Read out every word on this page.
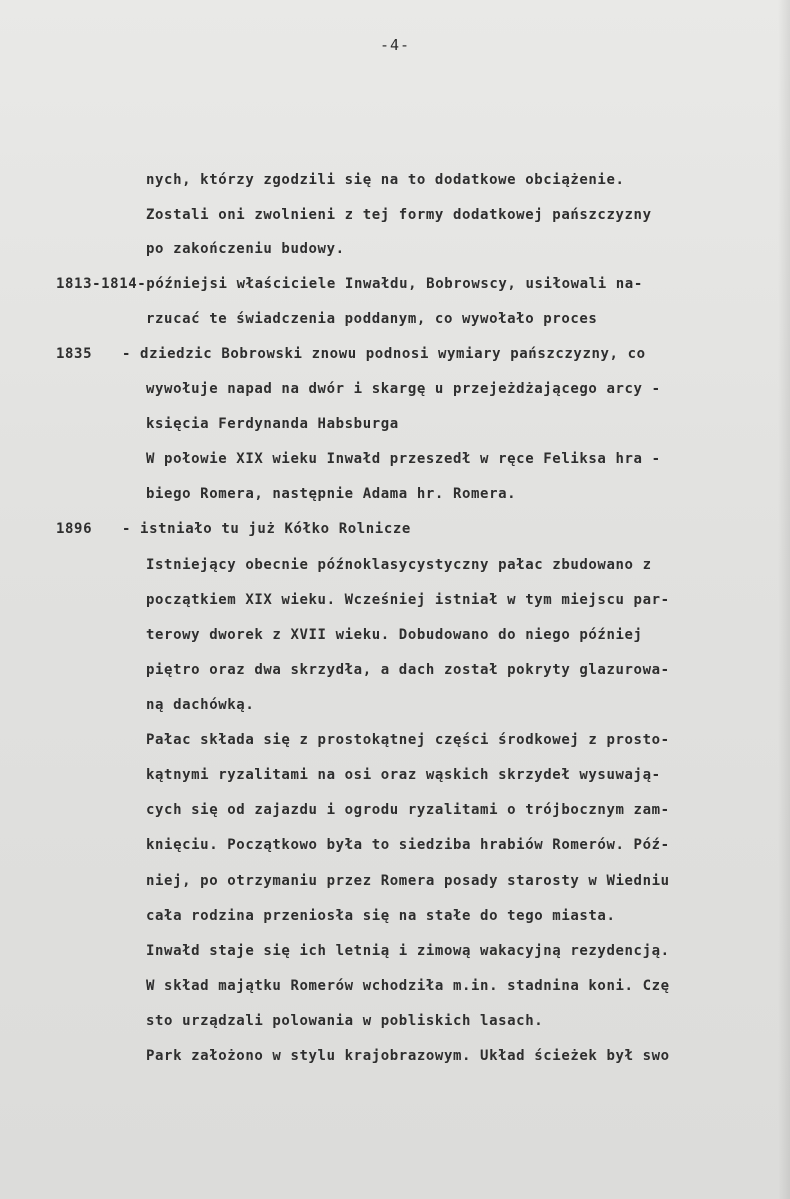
-4-
nych, którzy zgodzili się na to dodatkowe obciążenie.
Zostali oni zwolnieni z tej formy dodatkowej pańszczyzny
po zakończeniu budowy.
1813-1814-późniejsi właściciele Inwałdu, Bobrowscy, usiłowali na-
rzucać te świadczenia poddanym, co wywołało proces
1835 - dziedzic Bobrowski znowu podnosi wymiary pańszczyzny, co
wywołuje napad na dwór i skargę u przejeżdżającego arcy -
księcia Ferdynanda Habsburga
W połowie XIX wieku Inwałd przeszedł w ręce Feliksa hra -
biego Romera, następnie Adama hr. Romera.
1896 - istniało tu już Kółko Rolnicze
Istniejący obecnie późnoklasycystyczny pałac zbudowano z
początkiem XIX wieku. Wcześniej istniał w tym miejscu par-
terowy dworek z XVII wieku. Dobudowano do niego później
piętro oraz dwa skrzydła, a dach został pokryty glazurowa-
ną dachówką.
Pałac składa się z prostokątnej części środkowej z prosto-
kątnymi ryzalitami na osi oraz wąskich skrzydeł wysuwają-
cych się od zajazdu i ogrodu ryzalitami o trójbocznym zam-
knięciu. Początkowo była to siedziba hrabiów Romerów. Póź-
niej, po otrzymaniu przez Romera posady starosty w Wiedniu
cała rodzina przeniosła się na stałe do tego miasta.
Inwałd staje się ich letnią i zimową wakacyjną rezydencją.
W skład majątku Romerów wchodziła m.in. stadnina koni. Czę
sto urządzali polowania w pobliskich lasach.
Park założono w stylu krajobrazowym. Układ ścieżek był swo
